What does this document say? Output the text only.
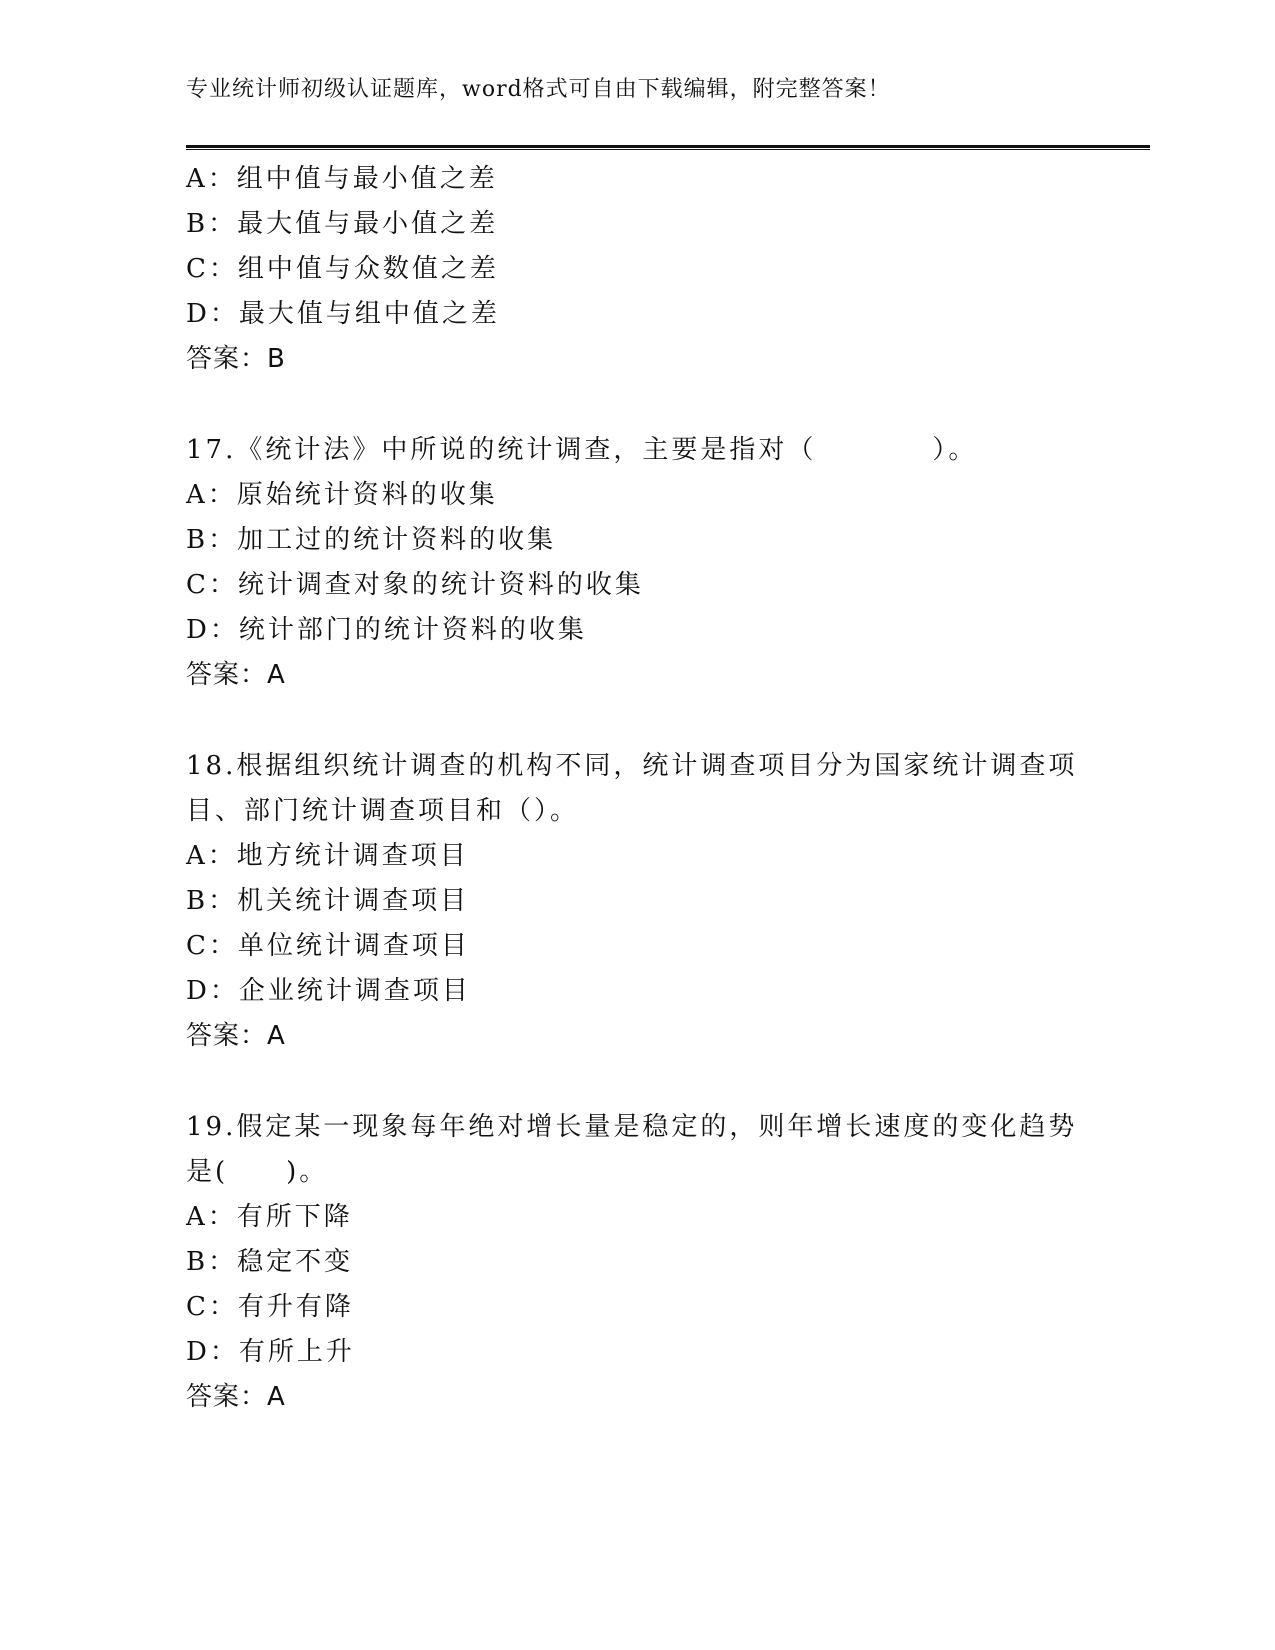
专业统计师初级认证题库，word格式可自由下载编辑，附完整答案！
A：组中值与最小值之差
B：最大值与最小值之差
C：组中值与众数值之差
D：最大值与组中值之差
答案：B
17.《统计法》中所说的统计调查，主要是指对（　　　　）。
A：原始统计资料的收集
B：加工过的统计资料的收集
C：统计调查对象的统计资料的收集
D：统计部门的统计资料的收集
答案：A
18.根据组织统计调查的机构不同，统计调查项目分为国家统计调查项
目、部门统计调查项目和（）。
A：地方统计调查项目
B：机关统计调查项目
C：单位统计调查项目
D：企业统计调查项目
答案：A
19.假定某一现象每年绝对增长量是稳定的，则年增长速度的变化趋势
是(　　)。
A：有所下降
B：稳定不变
C：有升有降
D：有所上升
答案：A
